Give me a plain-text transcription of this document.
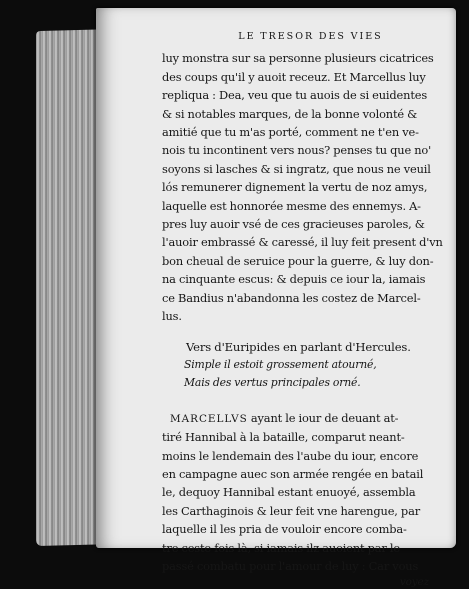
LE TRESOR DES VIES
luy monstra sur sa personne plusieurs cicatrices
des coups qu'il y auoit receuz. Et Marcellus luy
repliqua : Dea, veu que tu auois de si euidentes
& si notables marques, de la bonne volonté &
amitié que tu m'as porté, comment ne t'en ve-
nois tu incontinent vers nous? penses tu que no'
soyons si lasches & si ingratz, que nous ne veuil
lós remunerer dignement la vertu de noz amys,
laquelle est honnorée mesme des ennemys. A-
pres luy auoir vsé de ces gracieuses paroles, &
l'auoir embrassé & caressé, il luy feit present d'vn
bon cheual de seruice pour la guerre, & luy don-
na cinquante escus: & depuis ce iour la, iamais
ce Bandius n'abandonna les costez de Marcel-
lus.
Vers d'Euripides en parlant d'Hercules.
Simple il estoit grossement atourné,
Mais des vertus principales orné.
MARCELLVS ayant le iour de deuant at-
tiré Hannibal à la bataille, comparut neant-
moins le lendemain des l'aube du iour, encore
en campagne auec son armée rengée en batail
le, dequoy Hannibal estant enuoyé, assembla
les Carthaginois & leur feit vne harengue, par
laquelle il les pria de vouloir encore comba-
tre ceste fois là, si iamais ilz auoient par le
passé combatu pour l'amour de luy : Car vous
voyez
